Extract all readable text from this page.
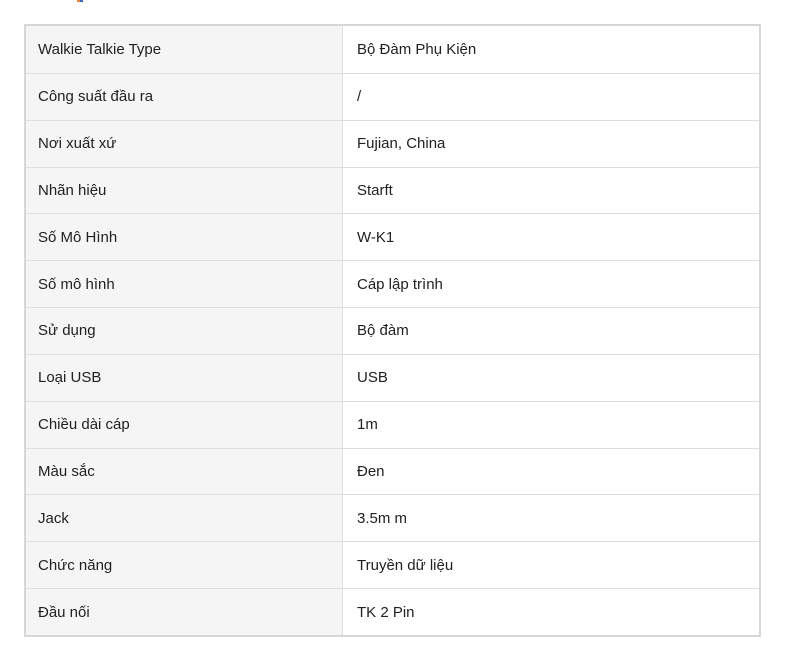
Walkie Talkie Type	Bộ Đàm Phụ Kiện
Công suất đầu ra	/
Nơi xuất xứ	Fujian, China
Nhãn hiệu	Starft
Số Mô Hình	W-K1
Số mô hình	Cáp lập trình
Sử dụng	Bộ đàm
Loại USB	USB
Chiều dài cáp	1m
Màu sắc	Đen
Jack	3.5m m
Chức năng	Truyền dữ liệu
Đầu nối	TK 2 Pin
